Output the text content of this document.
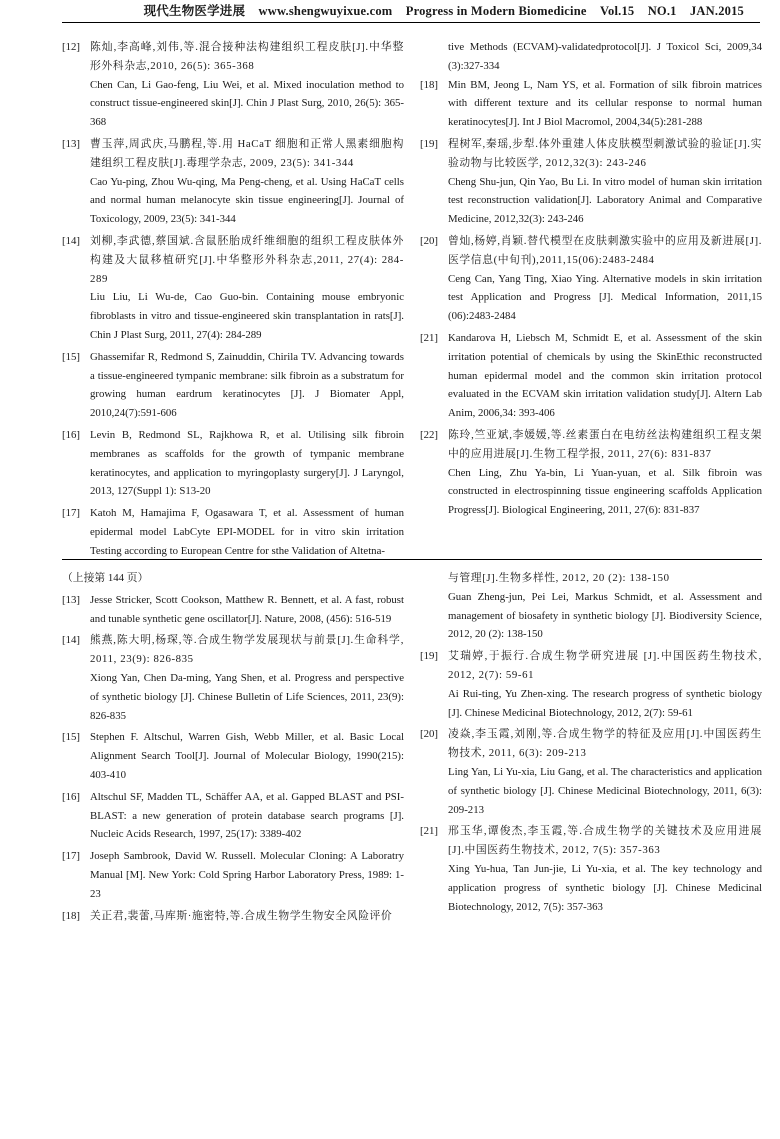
现代生物医学进展 www.shengwuyixue.com Progress in Modern Biomedicine Vol.15 NO.1 JAN.2015
[12] 陈灿,李高峰,刘伟,等.混合接种法构建组织工程皮肤[J].中华整形外科杂志,2010, 26(5): 365-368
Chen Can, Li Gao-feng, Liu Wei, et al. Mixed inoculation method to construct tissue-engineered skin[J]. Chin J Plast Surg, 2010, 26(5): 365-368
[13] 曹玉萍,周武庆,马鹏程,等.用 HaCaT 细胞和正常人黑素细胞构建组织工程皮肤[J].毒理学杂志, 2009, 23(5): 341-344
Cao Yu-ping, Zhou Wu-qing, Ma Peng-cheng, et al. Using HaCaT cells and normal human melanocyte skin tissue engineering[J]. Journal of Toxicology, 2009, 23(5): 341-344
[14] 刘柳,李武德,蔡国斌.含鼠胚胎成纤维细胞的组织工程皮肤体外构建及大鼠移植研究[J].中华整形外科杂志,2011, 27(4): 284-289
Liu Liu, Li Wu-de, Cao Guo-bin. Containing mouse embryonic fibroblasts in vitro and tissue-engineered skin transplantation in rats[J]. Chin J Plast Surg, 2011, 27(4): 284-289
[15] Ghassemifar R, Redmond S, Zainuddin, Chirila TV. Advancing towards a tissue-engineered tympanic membrane: silk fibroin as a substratum for growing human eardrum keratinocytes [J]. J Biomater Appl, 2010,24(7):591-606
[16] Levin B, Redmond SL, Rajkhowa R, et al. Utilising silk fibroin membranes as scaffolds for the growth of tympanic membrane keratinocytes, and application to myringoplasty surgery[J]. J Laryngol, 2013, 127(Suppl 1): S13-20
[17] Katoh M, Hamajima F, Ogasawara T, et al. Assessment of human epidermal model LabCyte EPI-MODEL for in vitro skin irritation Testing according to European Centre for sthe Validation of Altetna-
tive Methods (ECVAM)-validatedprotocol[J]. J Toxicol Sci, 2009,34 (3):327-334
[18] Min BM, Jeong L, Nam YS, et al. Formation of silk fibroin matrices with different texture and its cellular response to normal human keratinocytes[J]. Int J Biol Macromol, 2004,34(5):281-288
[19] 程树军,秦瑶,步犁.体外重建人体皮肤模型刺激试验的验证[J].实验动物与比较医学, 2012,32(3): 243-246
Cheng Shu-jun, Qin Yao, Bu Li. In vitro model of human skin irritation test reconstruction validation[J]. Laboratory Animal and Comparative Medicine, 2012,32(3): 243-246
[20] 曾灿,杨婷,肖颖.替代模型在皮肤刺激实验中的应用及新进展[J].医学信息(中旬刊),2011,15(06):2483-2484
Ceng Can, Yang Ting, Xiao Ying. Alternative models in skin irritation test Application and Progress [J]. Medical Information, 2011,15 (06):2483-2484
[21] Kandarova H, Liebsch M, Schmidt E, et al. Assessment of the skin irritation potential of chemicals by using the SkinEthic reconstructed human epidermal model and the common skin irritation protocol evaluated in the ECVAM skin irritation validation study[J]. Altern Lab Anim, 2006,34: 393-406
[22] 陈玲,竺亚斌,李媛媛,等.丝素蛋白在电纺丝法构建组织工程支架中的应用进展[J].生物工程学报, 2011, 27(6): 831-837
Chen Ling, Zhu Ya-bin, Li Yuan-yuan, et al. Silk fibroin was constructed in electrospinning tissue engineering scaffolds Application Progress[J]. Biological Engineering, 2011, 27(6): 831-837
（上接第 144 页）
[13] Jesse Stricker, Scott Cookson, Matthew R. Bennett, et al. A fast, robust and tunable synthetic gene oscillator[J]. Nature, 2008, (456): 516-519
[14] 熊燕,陈大明,杨琛,等.合成生物学发展现状与前景[J].生命科学, 2011, 23(9): 826-835
Xiong Yan, Chen Da-ming, Yang Shen, et al. Progress and perspective of synthetic biology [J]. Chinese Bulletin of Life Sciences, 2011, 23(9): 826-835
[15] Stephen F. Altschul, Warren Gish, Webb Miller, et al. Basic Local Alignment Search Tool[J]. Journal of Molecular Biology, 1990(215): 403-410
[16] Altschul SF, Madden TL, Schäffer AA, et al. Gapped BLAST and PSI-BLAST: a new generation of protein database search programs [J]. Nucleic Acids Research, 1997, 25(17): 3389-402
[17] Joseph Sambrook, David W. Russell. Molecular Cloning: A Laboratry Manual [M]. New York: Cold Spring Harbor Laboratory Press, 1989: 1-23
[18] 关正君,裴蕾,马库斯·施密特,等.合成生物学生物安全风险评价
与管理[J].生物多样性, 2012, 20 (2): 138-150
Guan Zheng-jun, Pei Lei, Markus Schmidt, et al. Assessment and management of biosafety in synthetic biology [J]. Biodiversity Science, 2012, 20 (2): 138-150
[19] 艾瑞婷,于振行.合成生物学研究进展 [J].中国医药生物技术, 2012, 2(7): 59-61
Ai Rui-ting, Yu Zhen-xing. The research progress of synthetic biology [J]. Chinese Medicinal Biotechnology, 2012, 2(7): 59-61
[20] 凌焱,李玉霞,刘刚,等.合成生物学的特征及应用[J].中国医药生物技术, 2011, 6(3): 209-213
Ling Yan, Li Yu-xia, Liu Gang, et al. The characteristics and application of synthetic biology [J]. Chinese Medicinal Biotechnology, 2011, 6(3): 209-213
[21] 邢玉华,谭俊杰,李玉霞,等.合成生物学的关键技术及应用进展[J].中国医药生物技术, 2012, 7(5): 357-363
Xing Yu-hua, Tan Jun-jie, Li Yu-xia, et al. The key technology and application progress of synthetic biology [J]. Chinese Medicinal Biotechnology, 2012, 7(5): 357-363
